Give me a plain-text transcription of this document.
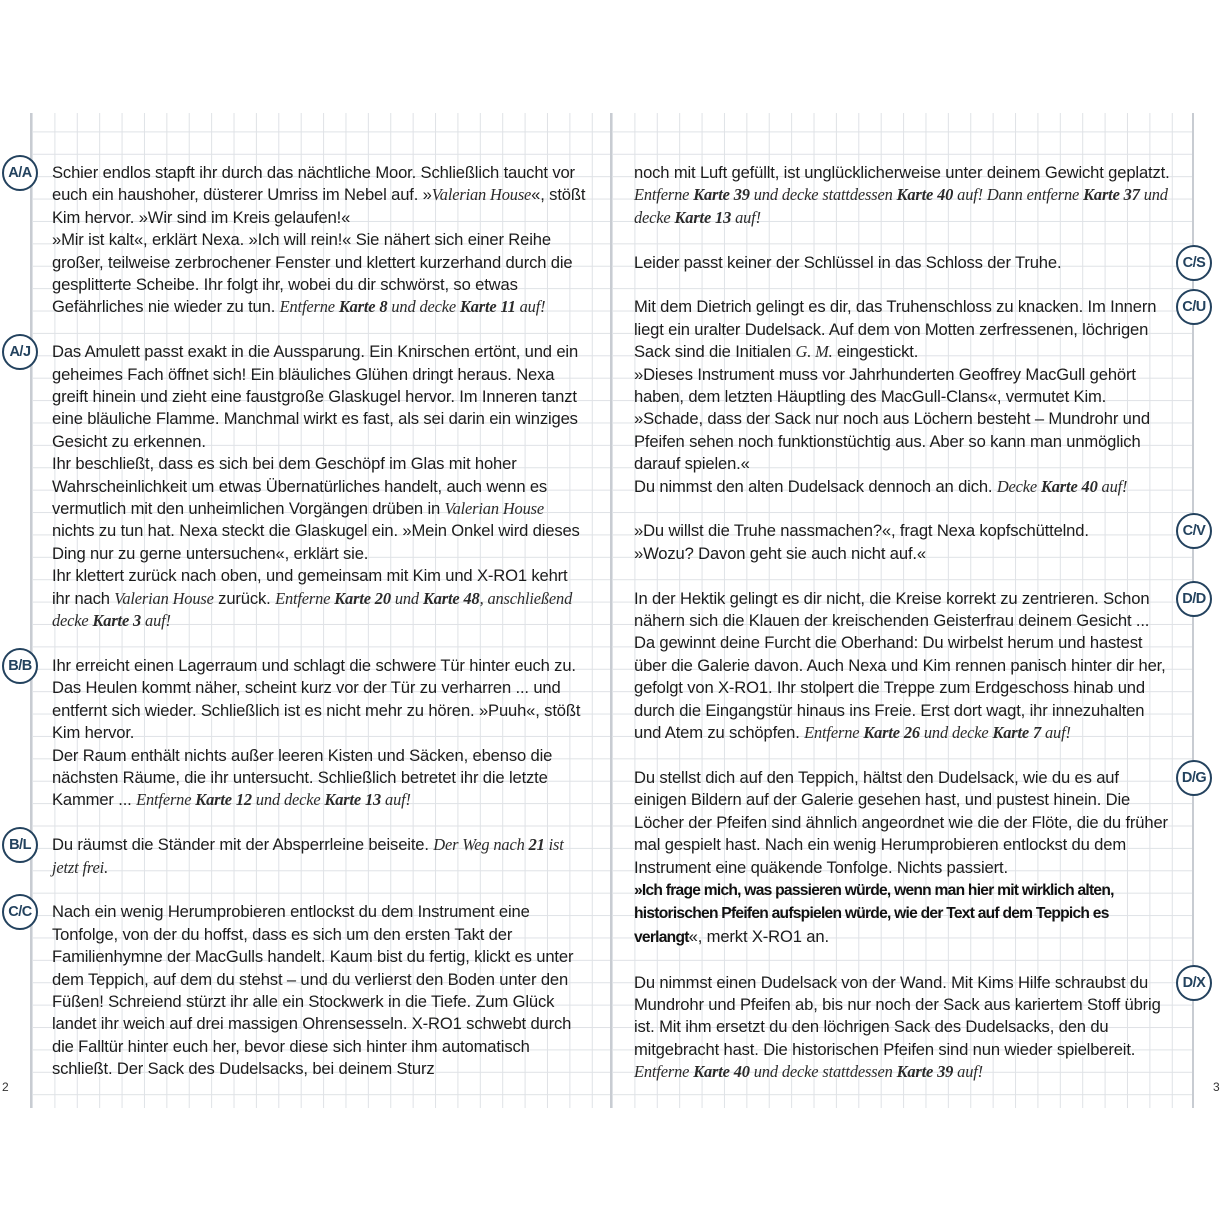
Schier endlos stapft ihr durch das nächtliche Moor. Schließlich taucht vor euch ein haushoher, düsterer Umriss im Nebel auf. »Valerian House«, stößt Kim hervor. »Wir sind im Kreis gelaufen!«
»Mir ist kalt«, erklärt Nexa. »Ich will rein!« Sie nähert sich einer Reihe großer, teilweise zerbrochener Fenster und klettert kurzerhand durch die gesplitterte Scheibe. Ihr folgt ihr, wobei du dir schwörst, so etwas Gefährliches nie wieder zu tun. Entferne Karte 8 und decke Karte 11 auf!

Das Amulett passt exakt in die Aussparung. Ein Knirschen ertönt, und ein geheimes Fach öffnet sich! Ein bläuliches Glühen dringt heraus. Nexa greift hinein und zieht eine faustgroße Glaskugel hervor. Im Inneren tanzt eine bläuliche Flamme. Manchmal wirkt es fast, als sei darin ein winziges Gesicht zu erkennen.
Ihr beschließt, dass es sich bei dem Geschöpf im Glas mit hoher Wahrscheinlichkeit um etwas Übernatürliches handelt, auch wenn es vermutlich mit den unheimlichen Vorgängen drüben in Valerian House nichts zu tun hat. Nexa steckt die Glaskugel ein. »Mein Onkel wird dieses Ding nur zu gerne untersuchen«, erklärt sie.
Ihr klettert zurück nach oben, und gemeinsam mit Kim und X-RO1 kehrt ihr nach Valerian House zurück. Entferne Karte 20 und Karte 48, anschließend decke Karte 3 auf!

Ihr erreicht einen Lagerraum und schlagt die schwere Tür hinter euch zu. Das Heulen kommt näher, scheint kurz vor der Tür zu verharren ... und entfernt sich wieder. Schließlich ist es nicht mehr zu hören. »Puuh«, stößt Kim hervor.
Der Raum enthält nichts außer leeren Kisten und Säcken, ebenso die nächsten Räume, die ihr untersucht. Schließlich betretet ihr die letzte Kammer ... Entferne Karte 12 und decke Karte 13 auf!

Du räumst die Ständer mit der Absperrleine beiseite. Der Weg nach 21 ist jetzt frei.

Nach ein wenig Herumprobieren entlockst du dem Instrument eine Tonfolge, von der du hoffst, dass es sich um den ersten Takt der Familienhymne der MacGulls handelt. Kaum bist du fertig, klickt es unter dem Teppich, auf dem du stehst – und du verlierst den Boden unter den Füßen! Schreiend stürzt ihr alle ein Stockwerk in die Tiefe. Zum Glück landet ihr weich auf drei massigen Ohrensesseln. X-RO1 schwebt durch die Falltür hinter euch her, bevor diese sich hinter ihm automatisch schließt. Der Sack des Dudelsacks, bei deinem Sturz

noch mit Luft gefüllt, ist unglücklicherweise unter deinem Gewicht geplatzt. Entferne Karte 39 und decke stattdessen Karte 40 auf! Dann entferne Karte 37 und decke Karte 13 auf!

Leider passt keiner der Schlüssel in das Schloss der Truhe.

Mit dem Dietrich gelingt es dir, das Truhenschloss zu knacken. Im Innern liegt ein uralter Dudelsack. Auf dem von Motten zerfressenen, löchrigen Sack sind die Initialen G. M. eingestickt.
»Dieses Instrument muss vor Jahrhunderten Geoffrey MacGull gehört haben, dem letzten Häuptling des MacGull-Clans«, vermutet Kim.
»Schade, dass der Sack nur noch aus Löchern besteht – Mundrohr und Pfeifen sehen noch funktionstüchtig aus. Aber so kann man unmöglich darauf spielen.«
Du nimmst den alten Dudelsack dennoch an dich. Decke Karte 40 auf!

»Du willst die Truhe nassmachen?«, fragt Nexa kopfschüttelnd.
»Wozu? Davon geht sie auch nicht auf.«

In der Hektik gelingt es dir nicht, die Kreise korrekt zu zentrieren. Schon nähern sich die Klauen der kreischenden Geisterfrau deinem Gesicht ... Da gewinnt deine Furcht die Oberhand: Du wirbelst herum und hastest über die Galerie davon. Auch Nexa und Kim rennen panisch hinter dir her, gefolgt von X-RO1. Ihr stolpert die Treppe zum Erdgeschoss hinab und durch die Eingangstür hinaus ins Freie. Erst dort wagt, ihr innezuhalten und Atem zu schöpfen. Entferne Karte 26 und decke Karte 7 auf!

Du stellst dich auf den Teppich, hältst den Dudelsack, wie du es auf einigen Bildern auf der Galerie gesehen hast, und pustest hinein. Die Löcher der Pfeifen sind ähnlich angeordnet wie die der Flöte, die du früher mal gespielt hast. Nach ein wenig Herumprobieren entlockst du dem Instrument eine quäkende Tonfolge. Nichts passiert.
»Ich frage mich, was passieren würde, wenn man hier mit wirklich alten, historischen Pfeifen aufspielen würde, wie der Text auf dem Teppich es verlangt«, merkt X-RO1 an.

Du nimmst einen Dudelsack von der Wand. Mit Kims Hilfe schraubst du Mundrohr und Pfeifen ab, bis nur noch der Sack aus kariertem Stoff übrig ist. Mit ihm ersetzt du den löchrigen Sack des Dudelsacks, den du mitgebracht hast. Die historischen Pfeifen sind nun wieder spielbereit. Entferne Karte 40 und decke stattdessen Karte 39 auf!

A/A
A/J
B/B
B/L
C/C
C/S
C/U
C/V
D/D
D/G
D/X
2	3
